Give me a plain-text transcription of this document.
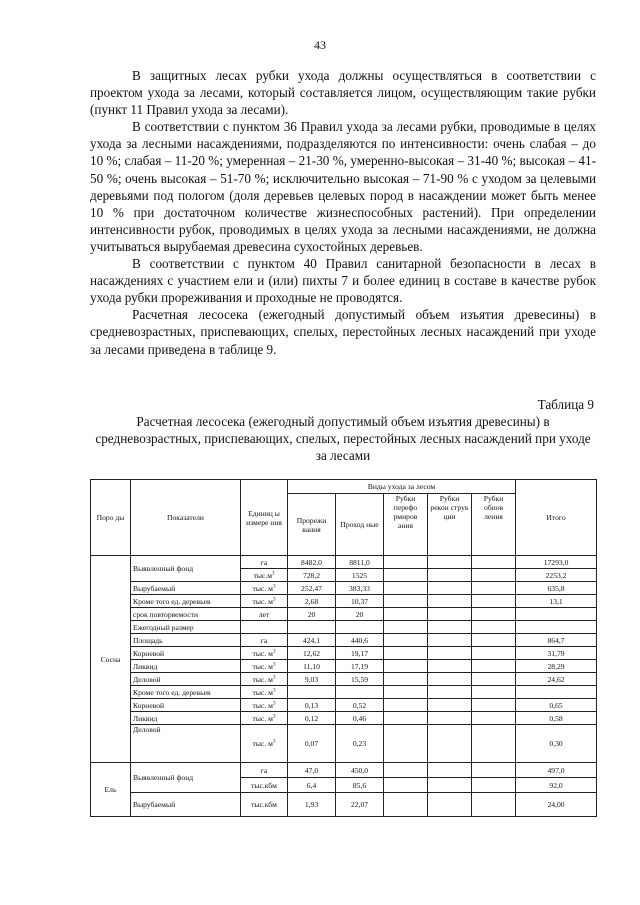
43

В защитных лесах рубки ухода должны осуществляться в соответствии с проектом ухода за лесами, который составляется лицом, осуществляющим такие рубки (пункт 11 Правил ухода за лесами).

В соответствии с пунктом 36 Правил ухода за лесами рубки, проводимые в целях ухода за лесными насаждениями, подразделяются по интенсивности: очень слабая – до 10 %; слабая – 11-20 %; умеренная – 21-30 %, умеренно-высокая – 31-40 %; высокая – 41-50 %; очень высокая – 51-70 %; исключительно высокая – 71-90 % с уходом за целевыми деревьями под пологом (доля деревьев целевых пород в насаждении может быть менее 10 % при достаточном количестве жизнеспособных растений). При определении интенсивности рубок, проводимых в целях ухода за лесными насаждениями, не должна учитываться вырубаемая древесина сухостойных деревьев.

В соответствии с пунктом 40 Правил санитарной безопасности в лесах в насаждениях с участием ели и (или) пихты 7 и более единиц в составе в качестве рубок ухода рубки прореживания и проходные не проводятся.

Расчетная лесосека (ежегодный допустимый объем изъятия древесины) в средневозрастных, приспевающих, спелых, перестойных лесных насаждений при уходе за лесами приведена в таблице 9.

Таблица 9
Расчетная лесосека (ежегодный допустимый объем изъятия древесины) в средневозрастных, приспевающих, спелых, перестойных лесных насаждений при уходе за лесами
Поро ды	Показатели	Единиц ы измере ния	Виды ухода за лесом					Итого
			Прорежи вания	Проход ные	Рубки перефо рмиров ания	Рубки рекон струк ции	Рубки обнов ления	
Сосна	Выявленный фонд	га	8482,0	8811,0				17293,0
		$тыс.м^3$	728,2	1525				2253,2
	Вырубаемый	тыс. $м^3$	252,47	383,33				635,8
	Кроме того ед. деревьев	тыс. $м^3$	2,68	10,37				13,1
	срок повторяемости	лет	20	20				
	Ежегодный размер							
	Площадь	га	424,1	440,6				864,7
	Корневой	тыс. $м^3$	12,62	19,17				31,79
	Ликвид	тыс. $м^3$	11,10	17,19				28,29
	Деловой	тыс. $м^3$	9,03	15,59				24,62
	Кроме того ед. деревьев	тыс. $м^3$						
	Корневой	тыс. $м^3$	0,13	0,52				0,65
	Ликвид	тыс. $м^3$	0,12	0,46				0,58
	Деловой	тыс. $м^3$	0,07	0,23				0,30
Ель	Выявленный фонд	га	47,0	450,0				497,0
		тыс.кбм	6,4	85,6				92,0
	Вырубаемый	тыс.кбм	1,93	22,07				24,00
